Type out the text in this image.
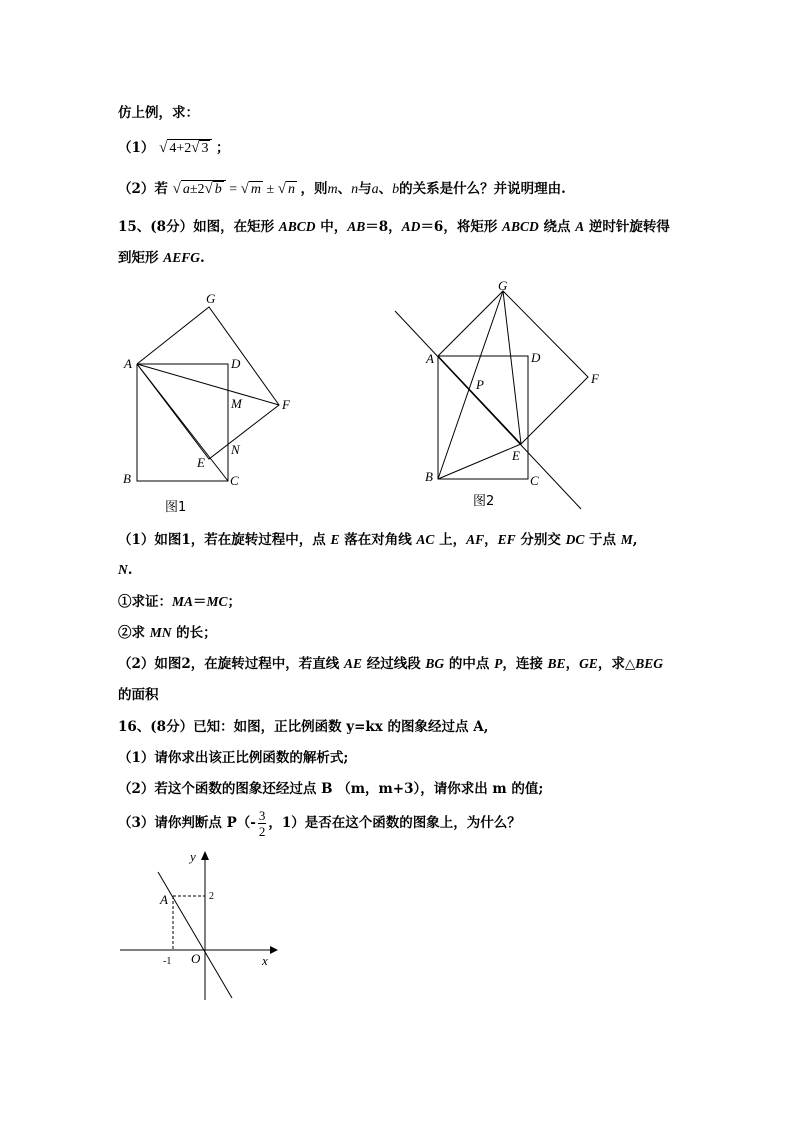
仿上例，求：
（1） √ 4+2√ 3 ；
（2）若 √ a±2√ b = √ m ± √ n ，则m、n与a、b的关系是什么？并说明理由.
15、(8分）如图，在矩形 ABCD 中，AB＝8，AD＝6，将矩形 ABCD 绕点 A 逆时针旋转得
到矩形 AEFG.
G
A	D
M	F
N
E
B	C
图1
G
A	D
P	F
E
B	C
图2
y
x
A
O
2
-1
（1）如图1，若在旋转过程中，点 E 落在对角线 AC 上，AF，EF 分别交 DC 于点 M,
N.
①求证：MA＝MC；
②求 MN 的长；
（2）如图2，在旋转过程中，若直线 AE 经过线段 BG 的中点 P，连接 BE，GE，求△BEG
的面积
16、(8分）已知：如图，正比例函数 y=kx 的图象经过点 A,
（1）请你求出该正比例函数的解析式;
（2）若这个函数的图象还经过点 B （m，m+3），请你求出 m 的值;
（3）请你判断点 $P(- \frac{3}{2}$ ，1）是否在这个函数的图象上，为什么？
